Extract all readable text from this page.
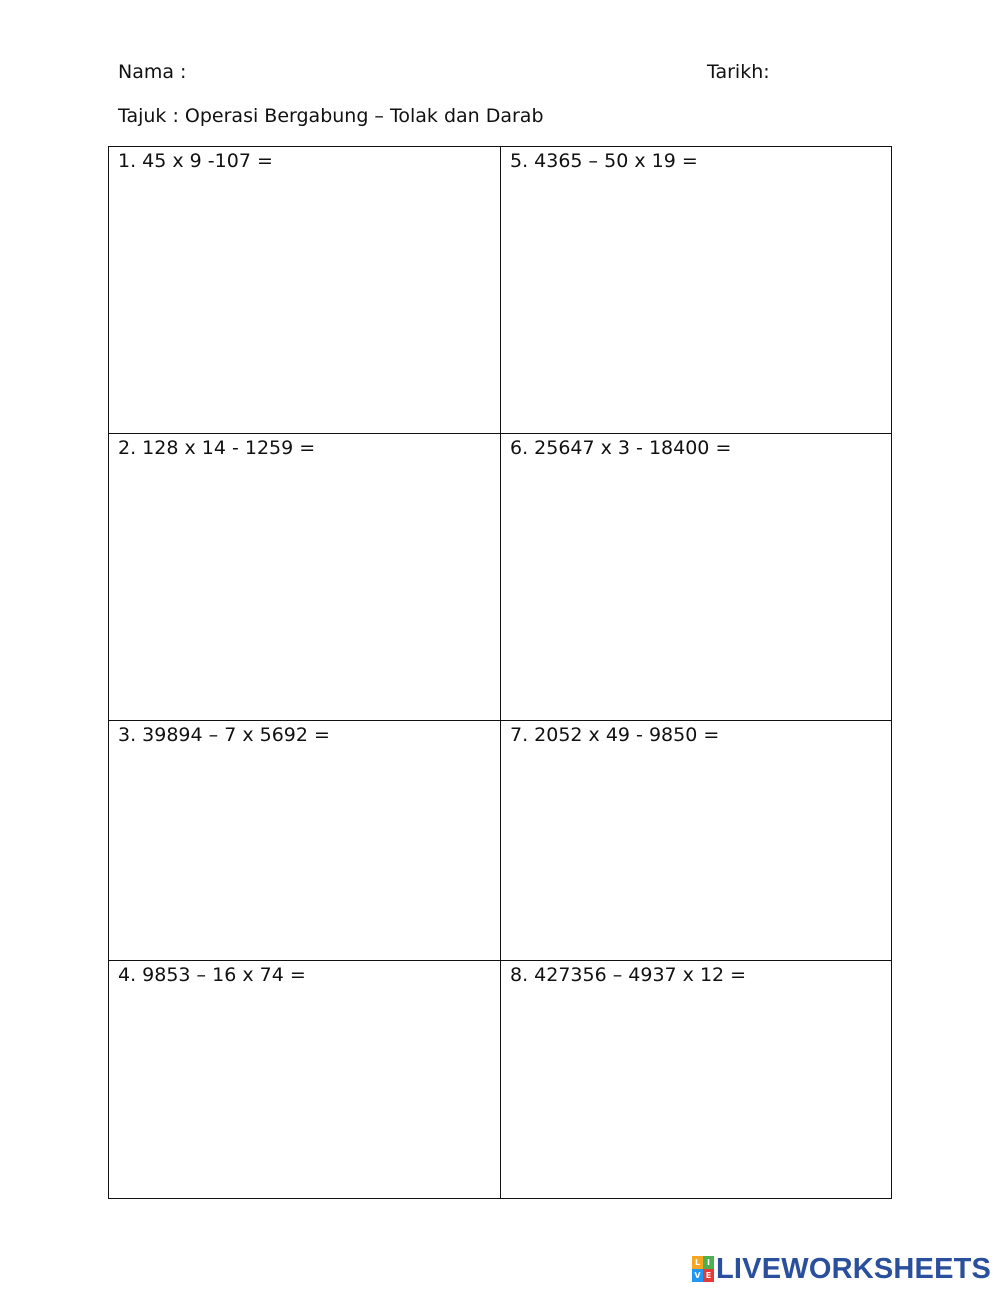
Nama :	Tarikh:
Tajuk : Operasi Bergabung – Tolak dan Darab
1. 45 x 9 -107 =	5. 4365 – 50 x 19 =
2. 128 x 14 - 1259 =	6. 25647 x 3 - 18400 =
3. 39894 – 7 x 5692 =	7. 2052 x 49 - 9850 =
4. 9853 – 16 x 74 =	8. 427356 – 4937 x 12 =
L I
V E LIVEWORKSHEETS
